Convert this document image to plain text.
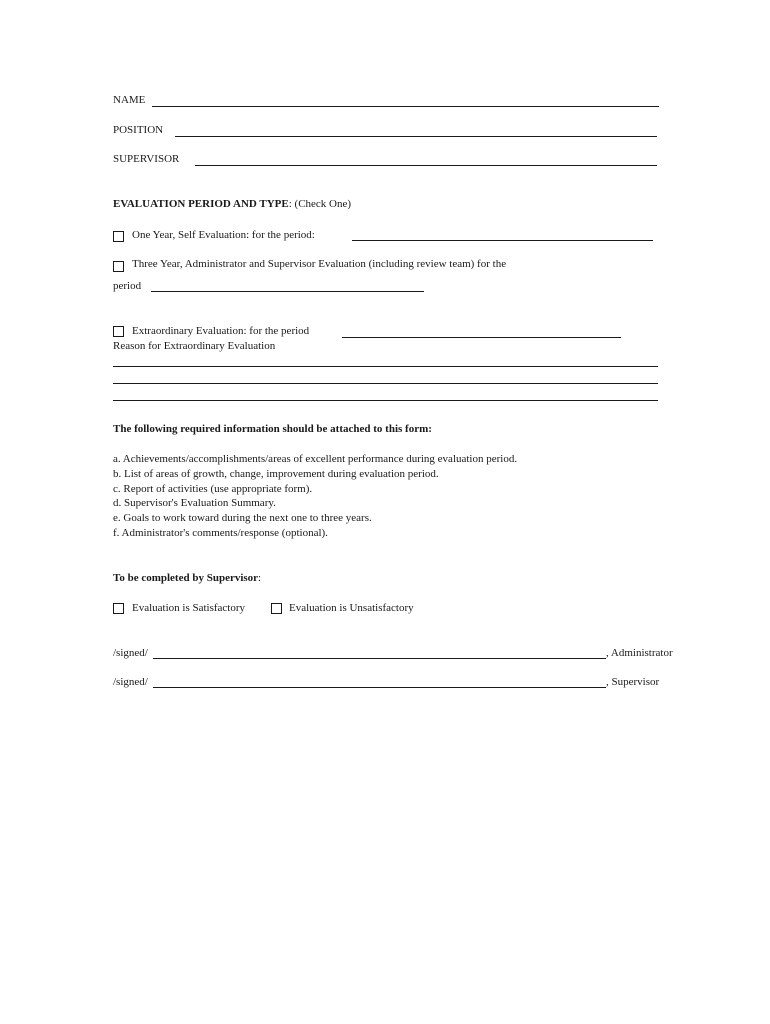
NAME
POSITION
SUPERVISOR
EVALUATION PERIOD AND TYPE: (Check One)
One Year, Self Evaluation: for the period:
Three Year, Administrator and Supervisor Evaluation (including review team) for the
period
Extraordinary Evaluation: for the period
Reason for Extraordinary Evaluation
The following required information should be attached to this form:
a. Achievements/accomplishments/areas of excellent performance during evaluation period.
b. List of areas of growth, change, improvement during evaluation period.
c. Report of activities (use appropriate form).
d. Supervisor's Evaluation Summary.
e. Goals to work toward during the next one to three years.
f. Administrator's comments/response (optional).
To be completed by Supervisor:
Evaluation is Satisfactory	Evaluation is Unsatisfactory
/signed/	, Administrator
/signed/	, Supervisor
